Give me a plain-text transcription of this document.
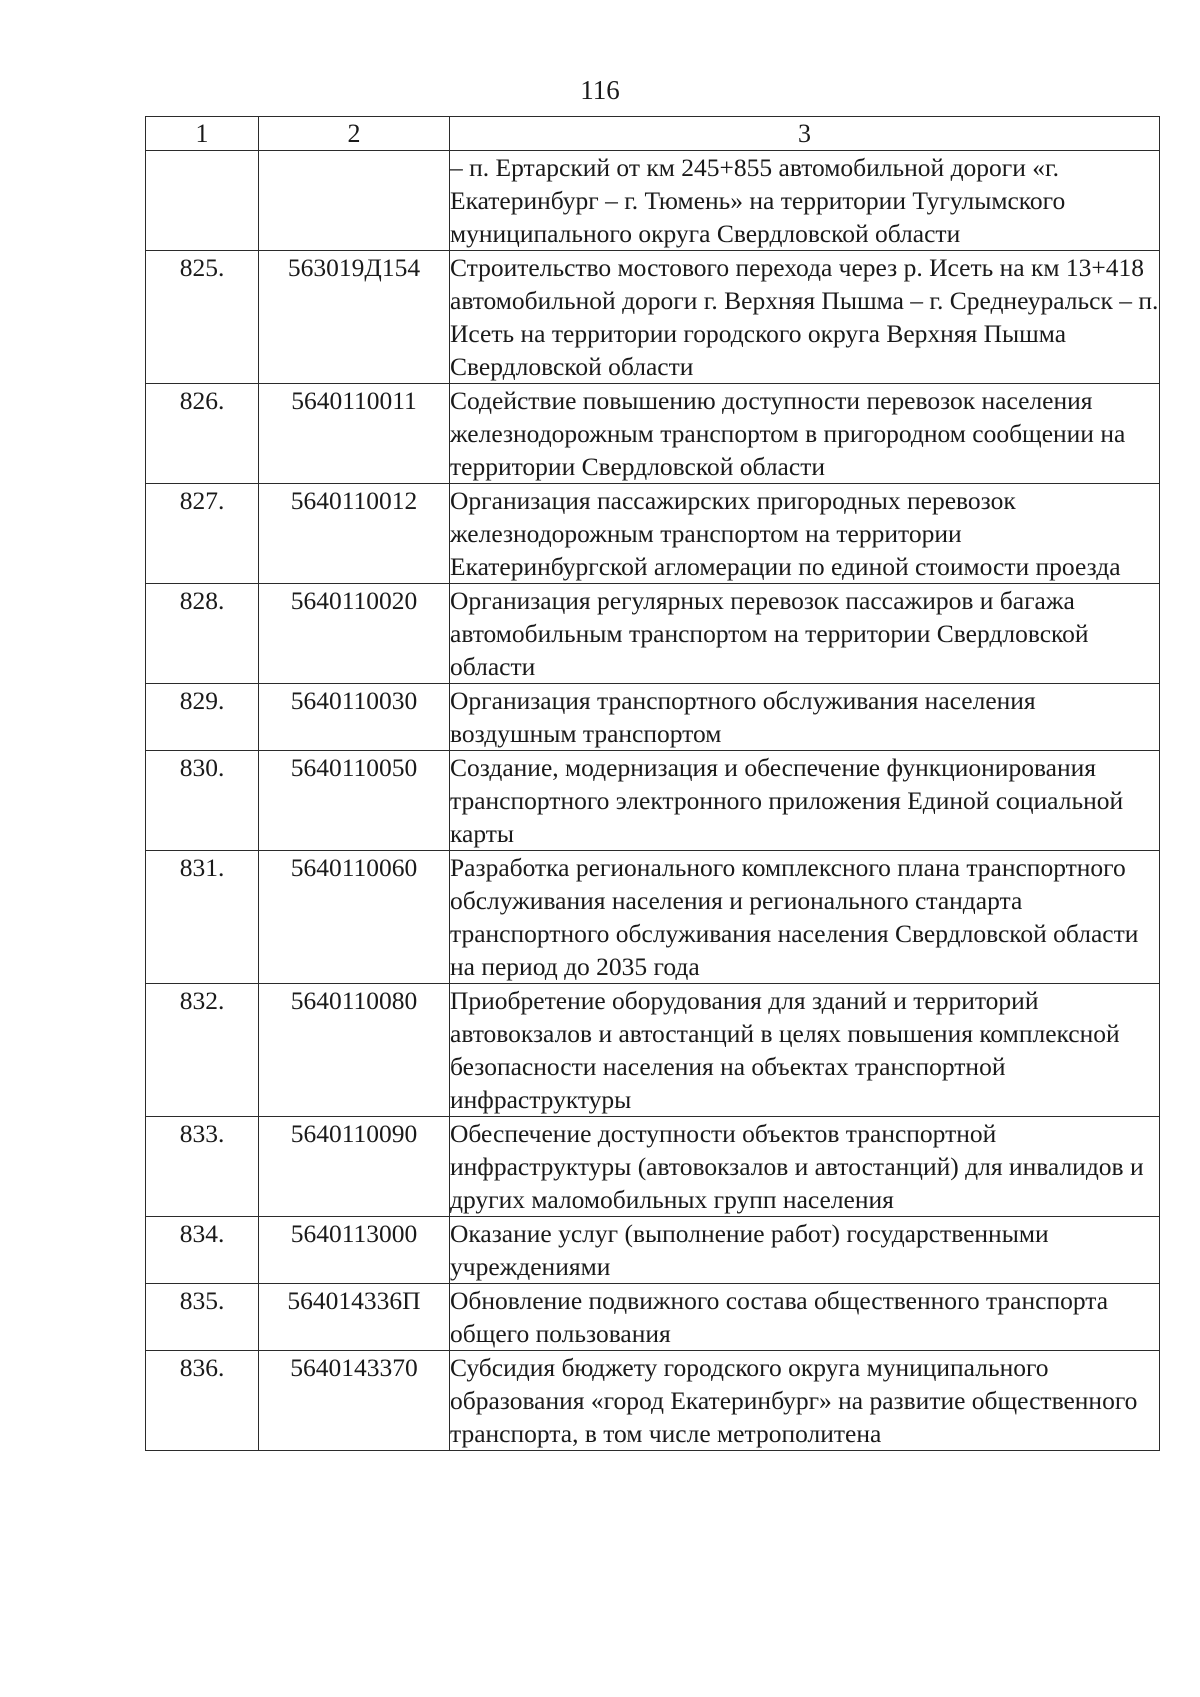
116
1	2	3
		– п. Ертарский от км 245+855 автомобильной дороги «г. Екатеринбург – г. Тюмень» на территории Тугулымского муниципального округа Свердловской области
825.	563019Д154	Строительство мостового перехода через р. Исеть на км 13+418 автомобильной дороги г. Верхняя Пышма – г. Среднеуральск – п. Исеть на территории городского округа Верхняя Пышма Свердловской области
826.	5640110011	Содействие повышению доступности перевозок населения железнодорожным транспортом в пригородном сообщении на территории Свердловской области
827.	5640110012	Организация пассажирских пригородных перевозок железнодорожным транспортом на территории Екатеринбургской агломерации по единой стоимости проезда
828.	5640110020	Организация регулярных перевозок пассажиров и багажа автомобильным транспортом на территории Свердловской области
829.	5640110030	Организация транспортного обслуживания населения воздушным транспортом
830.	5640110050	Создание, модернизация и обеспечение функционирования транспортного электронного приложения Единой социальной карты
831.	5640110060	Разработка регионального комплексного плана транспортного обслуживания населения и регионального стандарта транспортного обслуживания населения Свердловской области на период до 2035 года
832.	5640110080	Приобретение оборудования для зданий и территорий автовокзалов и автостанций в целях повышения комплексной безопасности населения на объектах транспортной инфраструктуры
833.	5640110090	Обеспечение доступности объектов транспортной инфраструктуры (автовокзалов и автостанций) для инвалидов и других маломобильных групп населения
834.	5640113000	Оказание услуг (выполнение работ) государственными учреждениями
835.	564014336П	Обновление подвижного состава общественного транспорта общего пользования
836.	5640143370	Субсидия бюджету городского округа муниципального образования «город Екатеринбург» на развитие общественного транспорта, в том числе метрополитена
